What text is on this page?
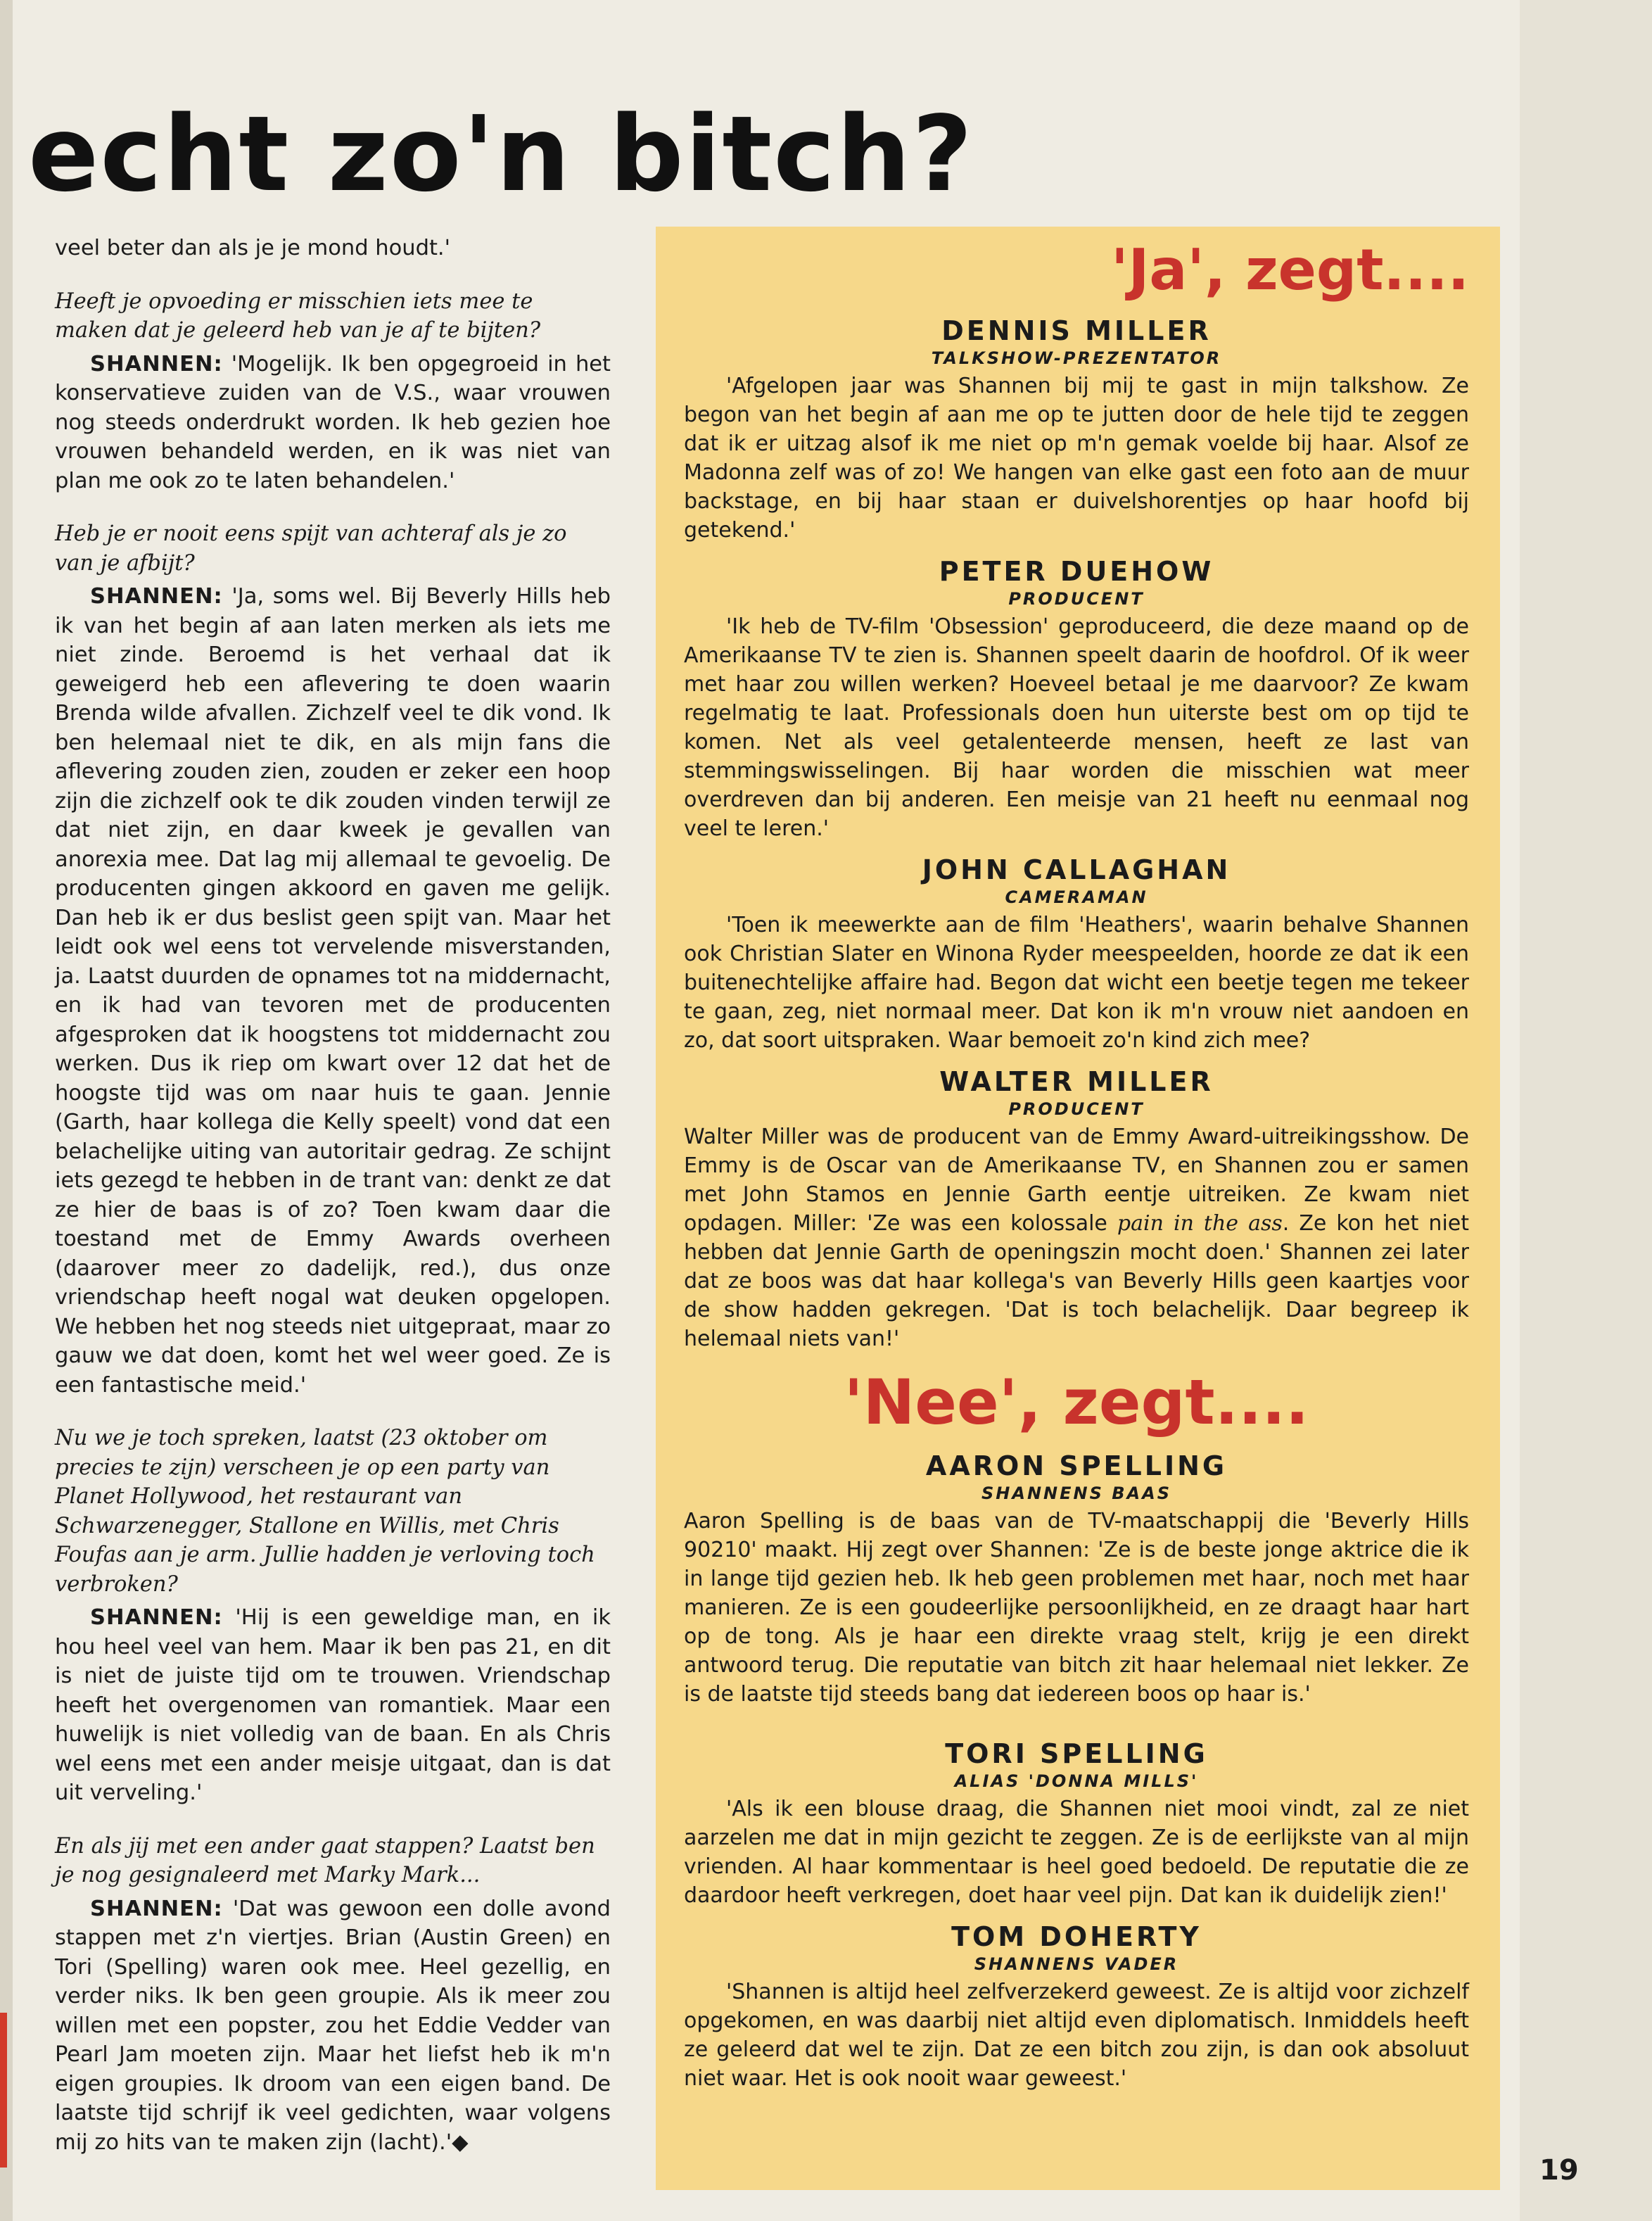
echt zo'n bitch?

veel beter dan als je je mond houdt.'

Heeft je opvoeding er misschien iets mee te maken dat je geleerd heb van je af te bijten?

SHANNEN: 'Mogelijk. Ik ben opgegroeid in het konservatieve zuiden van de V.S., waar vrouwen nog steeds onderdrukt worden. Ik heb gezien hoe vrouwen behandeld werden, en ik was niet van plan me ook zo te laten behandelen.'

Heb je er nooit eens spijt van achteraf als je zo van je afbijt?

SHANNEN: 'Ja, soms wel. Bij Beverly Hills heb ik van het begin af aan laten merken als iets me niet zinde. Beroemd is het verhaal dat ik geweigerd heb een aflevering te doen waarin Brenda wilde afvallen. Zichzelf veel te dik vond. Ik ben helemaal niet te dik, en als mijn fans die aflevering zouden zien, zouden er zeker een hoop zijn die zichzelf ook te dik zouden vinden terwijl ze dat niet zijn, en daar kweek je gevallen van anorexia mee. Dat lag mij allemaal te gevoelig. De producenten gingen akkoord en gaven me gelijk. Dan heb ik er dus beslist geen spijt van. Maar het leidt ook wel eens tot vervelende misverstanden, ja. Laatst duurden de opnames tot na middernacht, en ik had van tevoren met de producenten afgesproken dat ik hoogstens tot middernacht zou werken. Dus ik riep om kwart over 12 dat het de hoogste tijd was om naar huis te gaan. Jennie (Garth, haar kollega die Kelly speelt) vond dat een belachelijke uiting van autoritair gedrag. Ze schijnt iets gezegd te hebben in de trant van: denkt ze dat ze hier de baas is of zo? Toen kwam daar die toestand met de Emmy Awards overheen (daarover meer zo dadelijk, red.), dus onze vriendschap heeft nogal wat deuken opgelopen. We hebben het nog steeds niet uitgepraat, maar zo gauw we dat doen, komt het wel weer goed. Ze is een fantastische meid.'

Nu we je toch spreken, laatst (23 oktober om precies te zijn) verscheen je op een party van Planet Hollywood, het restaurant van Schwarzenegger, Stallone en Willis, met Chris Foufas aan je arm. Jullie hadden je verloving toch verbroken?

SHANNEN: 'Hij is een geweldige man, en ik hou heel veel van hem. Maar ik ben pas 21, en dit is niet de juiste tijd om te trouwen. Vriendschap heeft het overgenomen van romantiek. Maar een huwelijk is niet volledig van de baan. En als Chris wel eens met een ander meisje uitgaat, dan is dat uit verveling.'

En als jij met een ander gaat stappen? Laatst ben je nog gesignaleerd met Marky Mark...

SHANNEN: 'Dat was gewoon een dolle avond stappen met z'n viertjes. Brian (Austin Green) en Tori (Spelling) waren ook mee. Heel gezellig, en verder niks. Ik ben geen groupie. Als ik meer zou willen met een popster, zou het Eddie Vedder van Pearl Jam moeten zijn. Maar het liefst heb ik m'n eigen groupies. Ik droom van een eigen band. De laatste tijd schrijf ik veel gedichten, waar volgens mij zo hits van te maken zijn (lacht).'◆

'Ja', zegt....
DENNIS MILLER
TALKSHOW-PREZENTATOR
'Afgelopen jaar was Shannen bij mij te gast in mijn talkshow. Ze begon van het begin af aan me op te jutten door de hele tijd te zeggen dat ik er uitzag alsof ik me niet op m'n gemak voelde bij haar. Alsof ze Madonna zelf was of zo! We hangen van elke gast een foto aan de muur backstage, en bij haar staan er duivelshorentjes op haar hoofd bij getekend.'
PETER DUEHOW
PRODUCENT
'Ik heb de TV-film 'Obsession' geproduceerd, die deze maand op de Amerikaanse TV te zien is. Shannen speelt daarin de hoofdrol. Of ik weer met haar zou willen werken? Hoeveel betaal je me daarvoor? Ze kwam regelmatig te laat. Professionals doen hun uiterste best om op tijd te komen. Net als veel getalenteerde mensen, heeft ze last van stemmingswisselingen. Bij haar worden die misschien wat meer overdreven dan bij anderen. Een meisje van 21 heeft nu eenmaal nog veel te leren.'
JOHN CALLAGHAN
CAMERAMAN
'Toen ik meewerkte aan de film 'Heathers', waarin behalve Shannen ook Christian Slater en Winona Ryder meespeelden, hoorde ze dat ik een buitenechtelijke affaire had. Begon dat wicht een beetje tegen me tekeer te gaan, zeg, niet normaal meer. Dat kon ik m'n vrouw niet aandoen en zo, dat soort uitspraken. Waar bemoeit zo'n kind zich mee?
WALTER MILLER
PRODUCENT
Walter Miller was de producent van de Emmy Award-uitreikingsshow. De Emmy is de Oscar van de Amerikaanse TV, en Shannen zou er samen met John Stamos en Jennie Garth eentje uitreiken. Ze kwam niet opdagen. Miller: 'Ze was een kolossale pain in the ass. Ze kon het niet hebben dat Jennie Garth de openingszin mocht doen.' Shannen zei later dat ze boos was dat haar kollega's van Beverly Hills geen kaartjes voor de show hadden gekregen. 'Dat is toch belachelijk. Daar begreep ik helemaal niets van!'
'Nee', zegt....
AARON SPELLING
SHANNENS BAAS
Aaron Spelling is de baas van de TV-maatschappij die 'Beverly Hills 90210' maakt. Hij zegt over Shannen: 'Ze is de beste jonge aktrice die ik in lange tijd gezien heb. Ik heb geen problemen met haar, noch met haar manieren. Ze is een goudeerlijke persoonlijkheid, en ze draagt haar hart op de tong. Als je haar een direkte vraag stelt, krijg je een direkt antwoord terug. Die reputatie van bitch zit haar helemaal niet lekker. Ze is de laatste tijd steeds bang dat iedereen boos op haar is.'
TORI SPELLING
ALIAS 'DONNA MILLS'
'Als ik een blouse draag, die Shannen niet mooi vindt, zal ze niet aarzelen me dat in mijn gezicht te zeggen. Ze is de eerlijkste van al mijn vrienden. Al haar kommentaar is heel goed bedoeld. De reputatie die ze daardoor heeft verkregen, doet haar veel pijn. Dat kan ik duidelijk zien!'
TOM DOHERTY
SHANNENS VADER
'Shannen is altijd heel zelfverzekerd geweest. Ze is altijd voor zichzelf opgekomen, en was daarbij niet altijd even diplomatisch. Inmiddels heeft ze geleerd dat wel te zijn. Dat ze een bitch zou zijn, is dan ook absoluut niet waar. Het is ook nooit waar geweest.'
19
